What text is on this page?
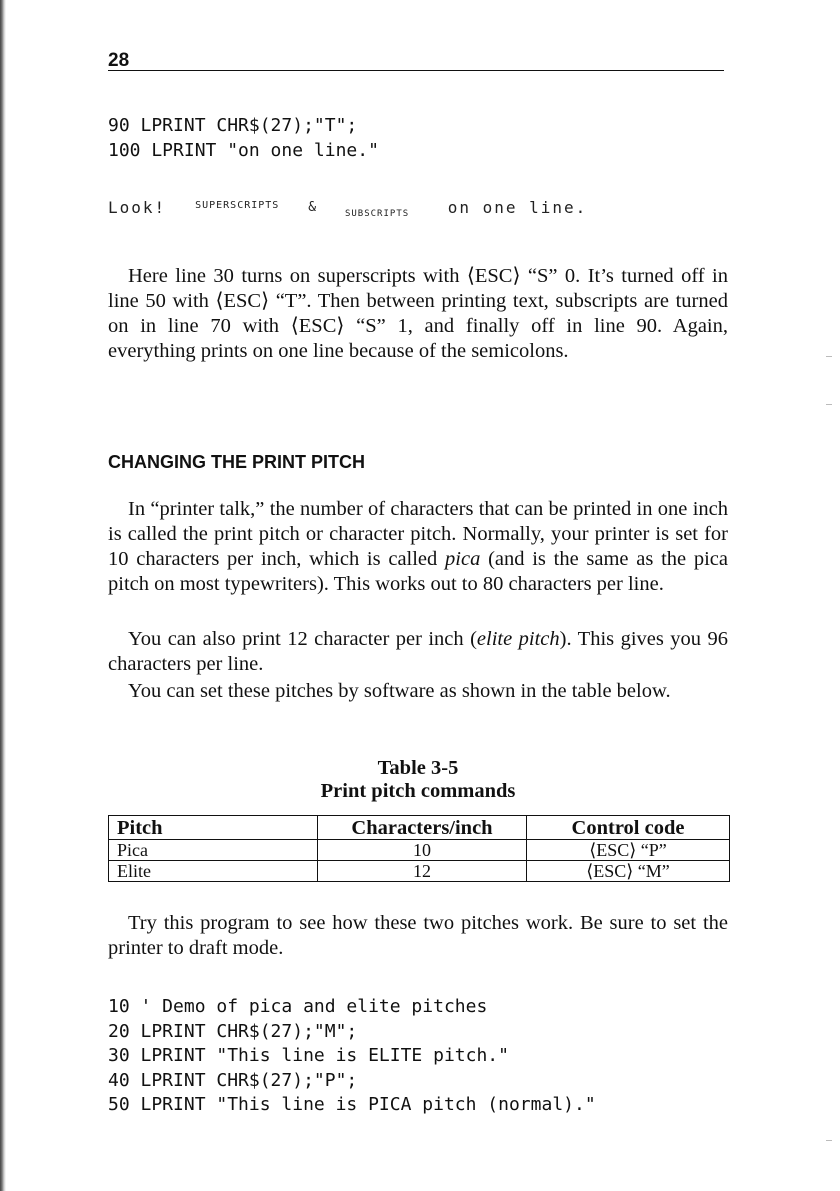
28
90 LPRINT CHR$(27);"T";
100 LPRINT "on one line."
Look!	$^{SUPERSCRIPTS}$ &	SUBSCRIPTS on one line.

Here line 30 turns on superscripts with ⟨ESC⟩ “S” 0. It’s turned off in line 50 with ⟨ESC⟩ “T”. Then between printing text, subscripts are turned on in line 70 with ⟨ESC⟩ “S” 1, and finally off in line 90. Again, everything prints on one line because of the semicolons.

CHANGING THE PRINT PITCH

In “printer talk,” the number of characters that can be printed in one inch is called the print pitch or character pitch. Normally, your printer is set for 10 characters per inch, which is called pica (and is the same as the pica pitch on most typewriters). This works out to 80 characters per line.

You can also print 12 character per inch (elite pitch). This gives you 96 characters per line.

You can set these pitches by software as shown in the table below.

Table 3-5
Print pitch commands
Pitch	Characters/inch	Control code
Pica	10	⟨ESC⟩ “P”
Elite	12	⟨ESC⟩ “M”

Try this program to see how these two pitches work. Be sure to set the printer to draft mode.

10 ' Demo of pica and elite pitches
20 LPRINT CHR$(27);"M";
30 LPRINT "This line is ELITE pitch."
40 LPRINT CHR$(27);"P";
50 LPRINT "This line is PICA pitch (normal)."
